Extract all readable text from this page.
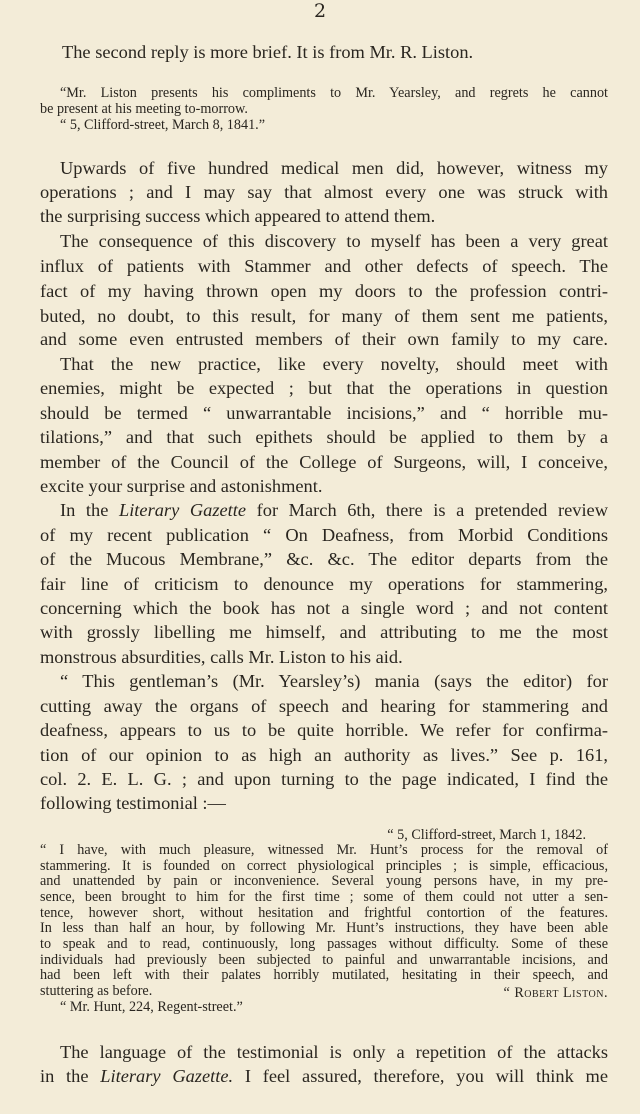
2
The second reply is more brief. It is from Mr. R. Liston.
“Mr. Liston presents his compliments to Mr. Yearsley, and regrets he cannot
be present at his meeting to-morrow.
“ 5, Clifford-street, March 8, 1841.”
Upwards of five hundred medical men did, however, witness my
operations ; and I may say that almost every one was struck with
the surprising success which appeared to attend them.
The consequence of this discovery to myself has been a very great
influx of patients with Stammer and other defects of speech. The
fact of my having thrown open my doors to the profession contri-
buted, no doubt, to this result, for many of them sent me patients,
and some even entrusted members of their own family to my care.
That the new practice, like every novelty, should meet with
enemies, might be expected ; but that the operations in question
should be termed “ unwarrantable incisions,” and “ horrible mu-
tilations,” and that such epithets should be applied to them by a
member of the Council of the College of Surgeons, will, I conceive,
excite your surprise and astonishment.
In the Literary Gazette for March 6th, there is a pretended review
of my recent publication “ On Deafness, from Morbid Conditions
of the Mucous Membrane,” &c. &c. The editor departs from the
fair line of criticism to denounce my operations for stammering,
concerning which the book has not a single word ; and not content
with grossly libelling me himself, and attributing to me the most
monstrous absurdities, calls Mr. Liston to his aid.
“ This gentleman’s (Mr. Yearsley’s) mania (says the editor) for
cutting away the organs of speech and hearing for stammering and
deafness, appears to us to be quite horrible. We refer for confirma-
tion of our opinion to as high an authority as lives.” See p. 161,
col. 2. E. L. G. ; and upon turning to the page indicated, I find the
following testimonial :—
“ 5, Clifford-street, March 1, 1842.
“ I have, with much pleasure, witnessed Mr. Hunt’s process for the removal of
stammering. It is founded on correct physiological principles ; is simple, efficacious,
and unattended by pain or inconvenience. Several young persons have, in my pre-
sence, been brought to him for the first time ; some of them could not utter a sen-
tence, however short, without hesitation and frightful contortion of the features.
In less than half an hour, by following Mr. Hunt’s instructions, they have been able
to speak and to read, continuously, long passages without difficulty. Some of these
individuals had previously been subjected to painful and unwarrantable incisions, and
had been left with their palates horribly mutilated, hesitating in their speech, and
stuttering as before.	“ Robert Liston.
“ Mr. Hunt, 224, Regent-street.”
The language of the testimonial is only a repetition of the attacks
in the Literary Gazette. I feel assured, therefore, you will think me
